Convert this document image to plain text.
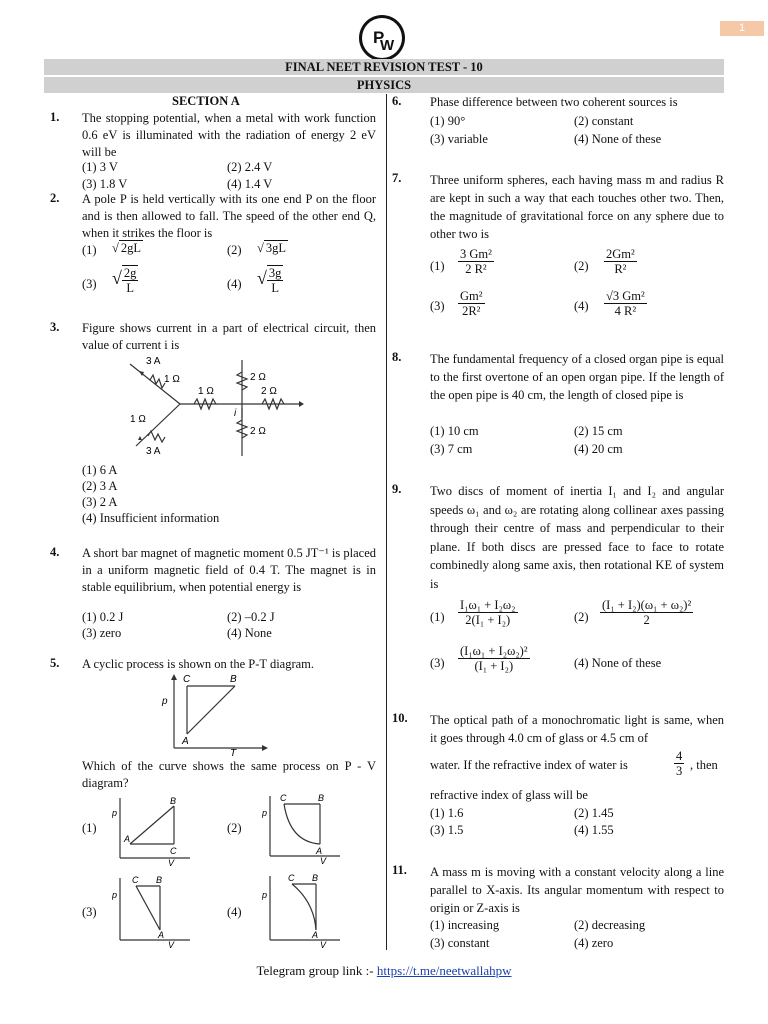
P
W
1
FINAL NEET REVISION TEST - 10
PHYSICS
SECTION A
1. The stopping potential, when a metal with work function 0.6 eV is illuminated with the radiation of energy 2 eV will be
(1) 3 V	(2) 2.4 V
(3) 1.8 V	(4) 1.4 V
2. A pole P is held vertically with its one end P on the floor and is then allowed to fall. The speed of the other end Q, when it strikes the floor is
(1) √ 2gL	(2) √ 3gL
(3) √ $\frac{2g}{L}$	(4) √ $\frac{3g}{L}$
3. Figure shows current in a part of electrical circuit, then value of current i is
3 A
1 Ω
1 Ω
2 Ω
2 Ω
2 Ω
1 Ω
3 A
i
(1) 6 A
(2) 3 A
(3) 2 A
(4) Insufficient information
4. A short bar magnet of magnetic moment 0.5 JT⁻¹ is placed in a uniform magnetic field of 0.4 T. The magnet is in stable equilibrium, when potential energy is
(1) 0.2 J	(2) –0.2 J
(3) zero	(4) None
5. A cyclic process is shown on the P-T diagram.
C	B
A
p
T
Which of the curve shows the same process on P - V diagram?
(1)
p
A
B
C
V
(2)
p
C	B
A
V
(3)
p
C B
A
V
(4)
p
C B
A
V
6. Phase difference between two coherent sources is
(1) 90°	(2) constant
(3) variable	(4) None of these
7. Three uniform spheres, each having mass m and radius R are kept in such a way that each touches other two. Then, the magnitude of gravitational force on any sphere due to other two is
$(1) \frac{\text{3 Gm²}}{\text{2 R²}}$	$(2) \frac{\text{2Gm²}}{\text{R²}}$
$(3) \frac{\text{Gm²}}{\text{2R²}}$	$(4) \frac{\text{√3 Gm²}}{\text{4 R²}}$
8. The fundamental frequency of a closed organ pipe is equal to the first overtone of an open organ pipe. If the length of the open pipe is 40 cm, the length of closed pipe is
(1) 10 cm	(2) 15 cm
(3) 7 cm	(4) 20 cm
9. Two discs of moment of inertia I₁ and I₂ and angular speeds ω₁ and ω₂ are rotating along collinear axes passing through their centre of mass and perpendicular to their plane. If both discs are pressed face to face to rotate combinedly along same axis, then rotational KE of system is
$(1) \frac{\text{I₁ω₁ + I₂ω₂}}{\text{2(I₁ + I₂)}}$	$(2) \frac{\text{(I₁ + I₂)(ω₁ + ω₂)²}}{2}$
$(3) \frac{\text{(I₁ω₁ + I₂ω₂)²}}{\text{(I₁ + I₂)}}$	(4) None of these
10. The optical path of a monochromatic light is same, when it goes through 4.0 cm of glass or 4.5 cm of
water. If the refractive index of water is	$\frac{4}{3}$ , then
refractive index of glass will be
(1) 1.6	(2) 1.45
(3) 1.5	(4) 1.55
11. A mass m is moving with a constant velocity along a line parallel to X-axis. Its angular momentum with respect to origin or Z-axis is
(1) increasing	(2) decreasing
(3) constant	(4) zero
Telegram group link :- https://t.me/neetwallahpw
